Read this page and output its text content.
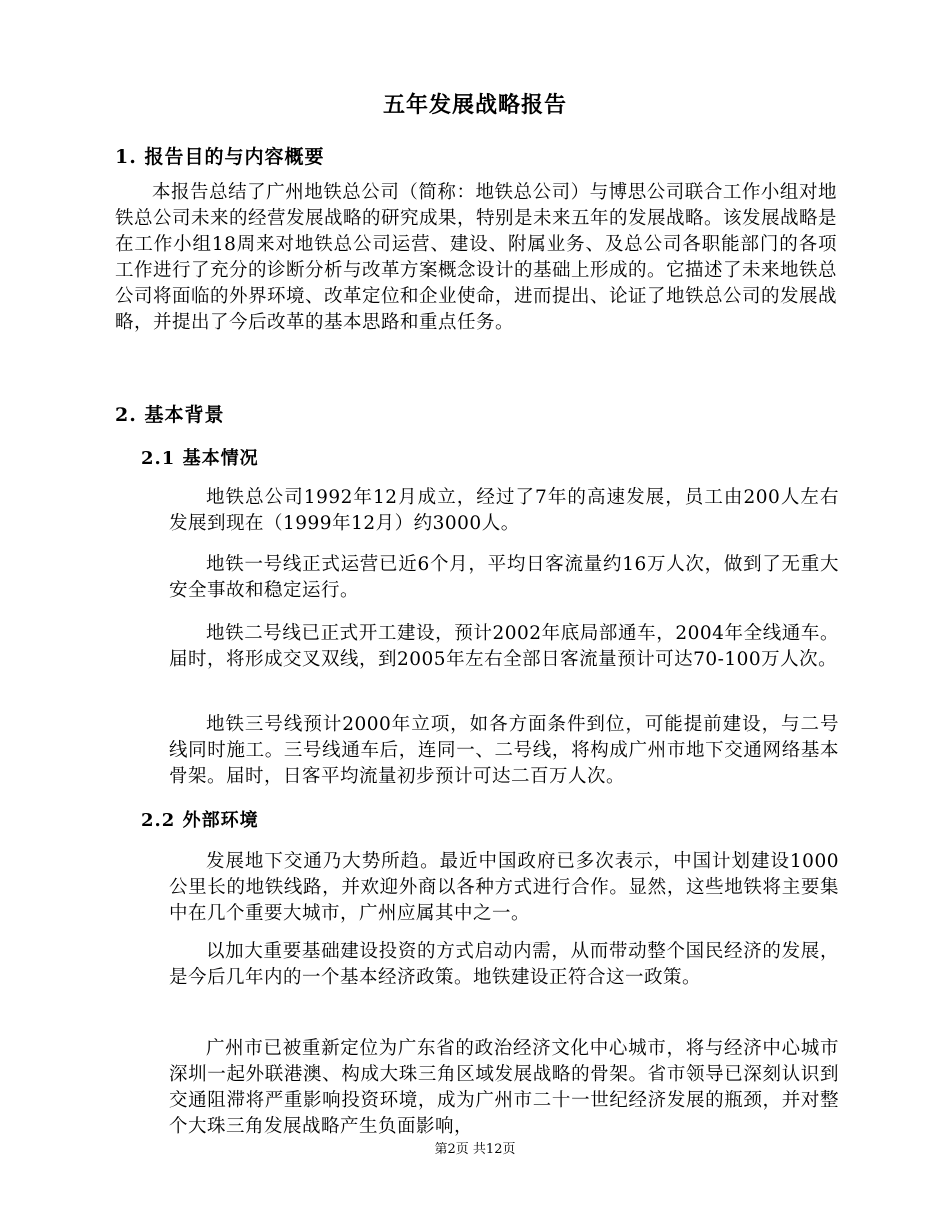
五年发展战略报告
1. 报告目的与内容概要

本报告总结了广州地铁总公司（简称：地铁总公司）与博思公司联合工作小组对地铁总公司未来的经营发展战略的研究成果，特别是未来五年的发展战略。该发展战略是在工作小组18周来对地铁总公司运营、建设、附属业务、及总公司各职能部门的各项工作进行了充分的诊断分析与改革方案概念设计的基础上形成的。它描述了未来地铁总公司将面临的外界环境、改革定位和企业使命，进而提出、论证了地铁总公司的发展战略，并提出了今后改革的基本思路和重点任务。

2. 基本背景
2.1 基本情况

地铁总公司1992年12月成立，经过了7年的高速发展，员工由200人左右发展到现在（1999年12月）约3000人。

地铁一号线正式运营已近6个月，平均日客流量约16万人次，做到了无重大安全事故和稳定运行。

地铁二号线已正式开工建设，预计2002年底局部通车，2004年全线通车。届时，将形成交叉双线，到2005年左右全部日客流量预计可达70-100万人次。

地铁三号线预计2000年立项，如各方面条件到位，可能提前建设，与二号线同时施工。三号线通车后，连同一、二号线，将构成广州市地下交通网络基本骨架。届时，日客平均流量初步预计可达二百万人次。

2.2 外部环境

发展地下交通乃大势所趋。最近中国政府已多次表示，中国计划建设1000公里长的地铁线路，并欢迎外商以各种方式进行合作。显然，这些地铁将主要集中在几个重要大城市，广州应属其中之一。

以加大重要基础建设投资的方式启动内需，从而带动整个国民经济的发展，是今后几年内的一个基本经济政策。地铁建设正符合这一政策。

广州市已被重新定位为广东省的政治经济文化中心城市，将与经济中心城市深圳一起外联港澳、构成大珠三角区域发展战略的骨架。省市领导已深刻认识到交通阻滞将严重影响投资环境，成为广州市二十一世纪经济发展的瓶颈，并对整个大珠三角发展战略产生负面影响，

第2页 共12页
